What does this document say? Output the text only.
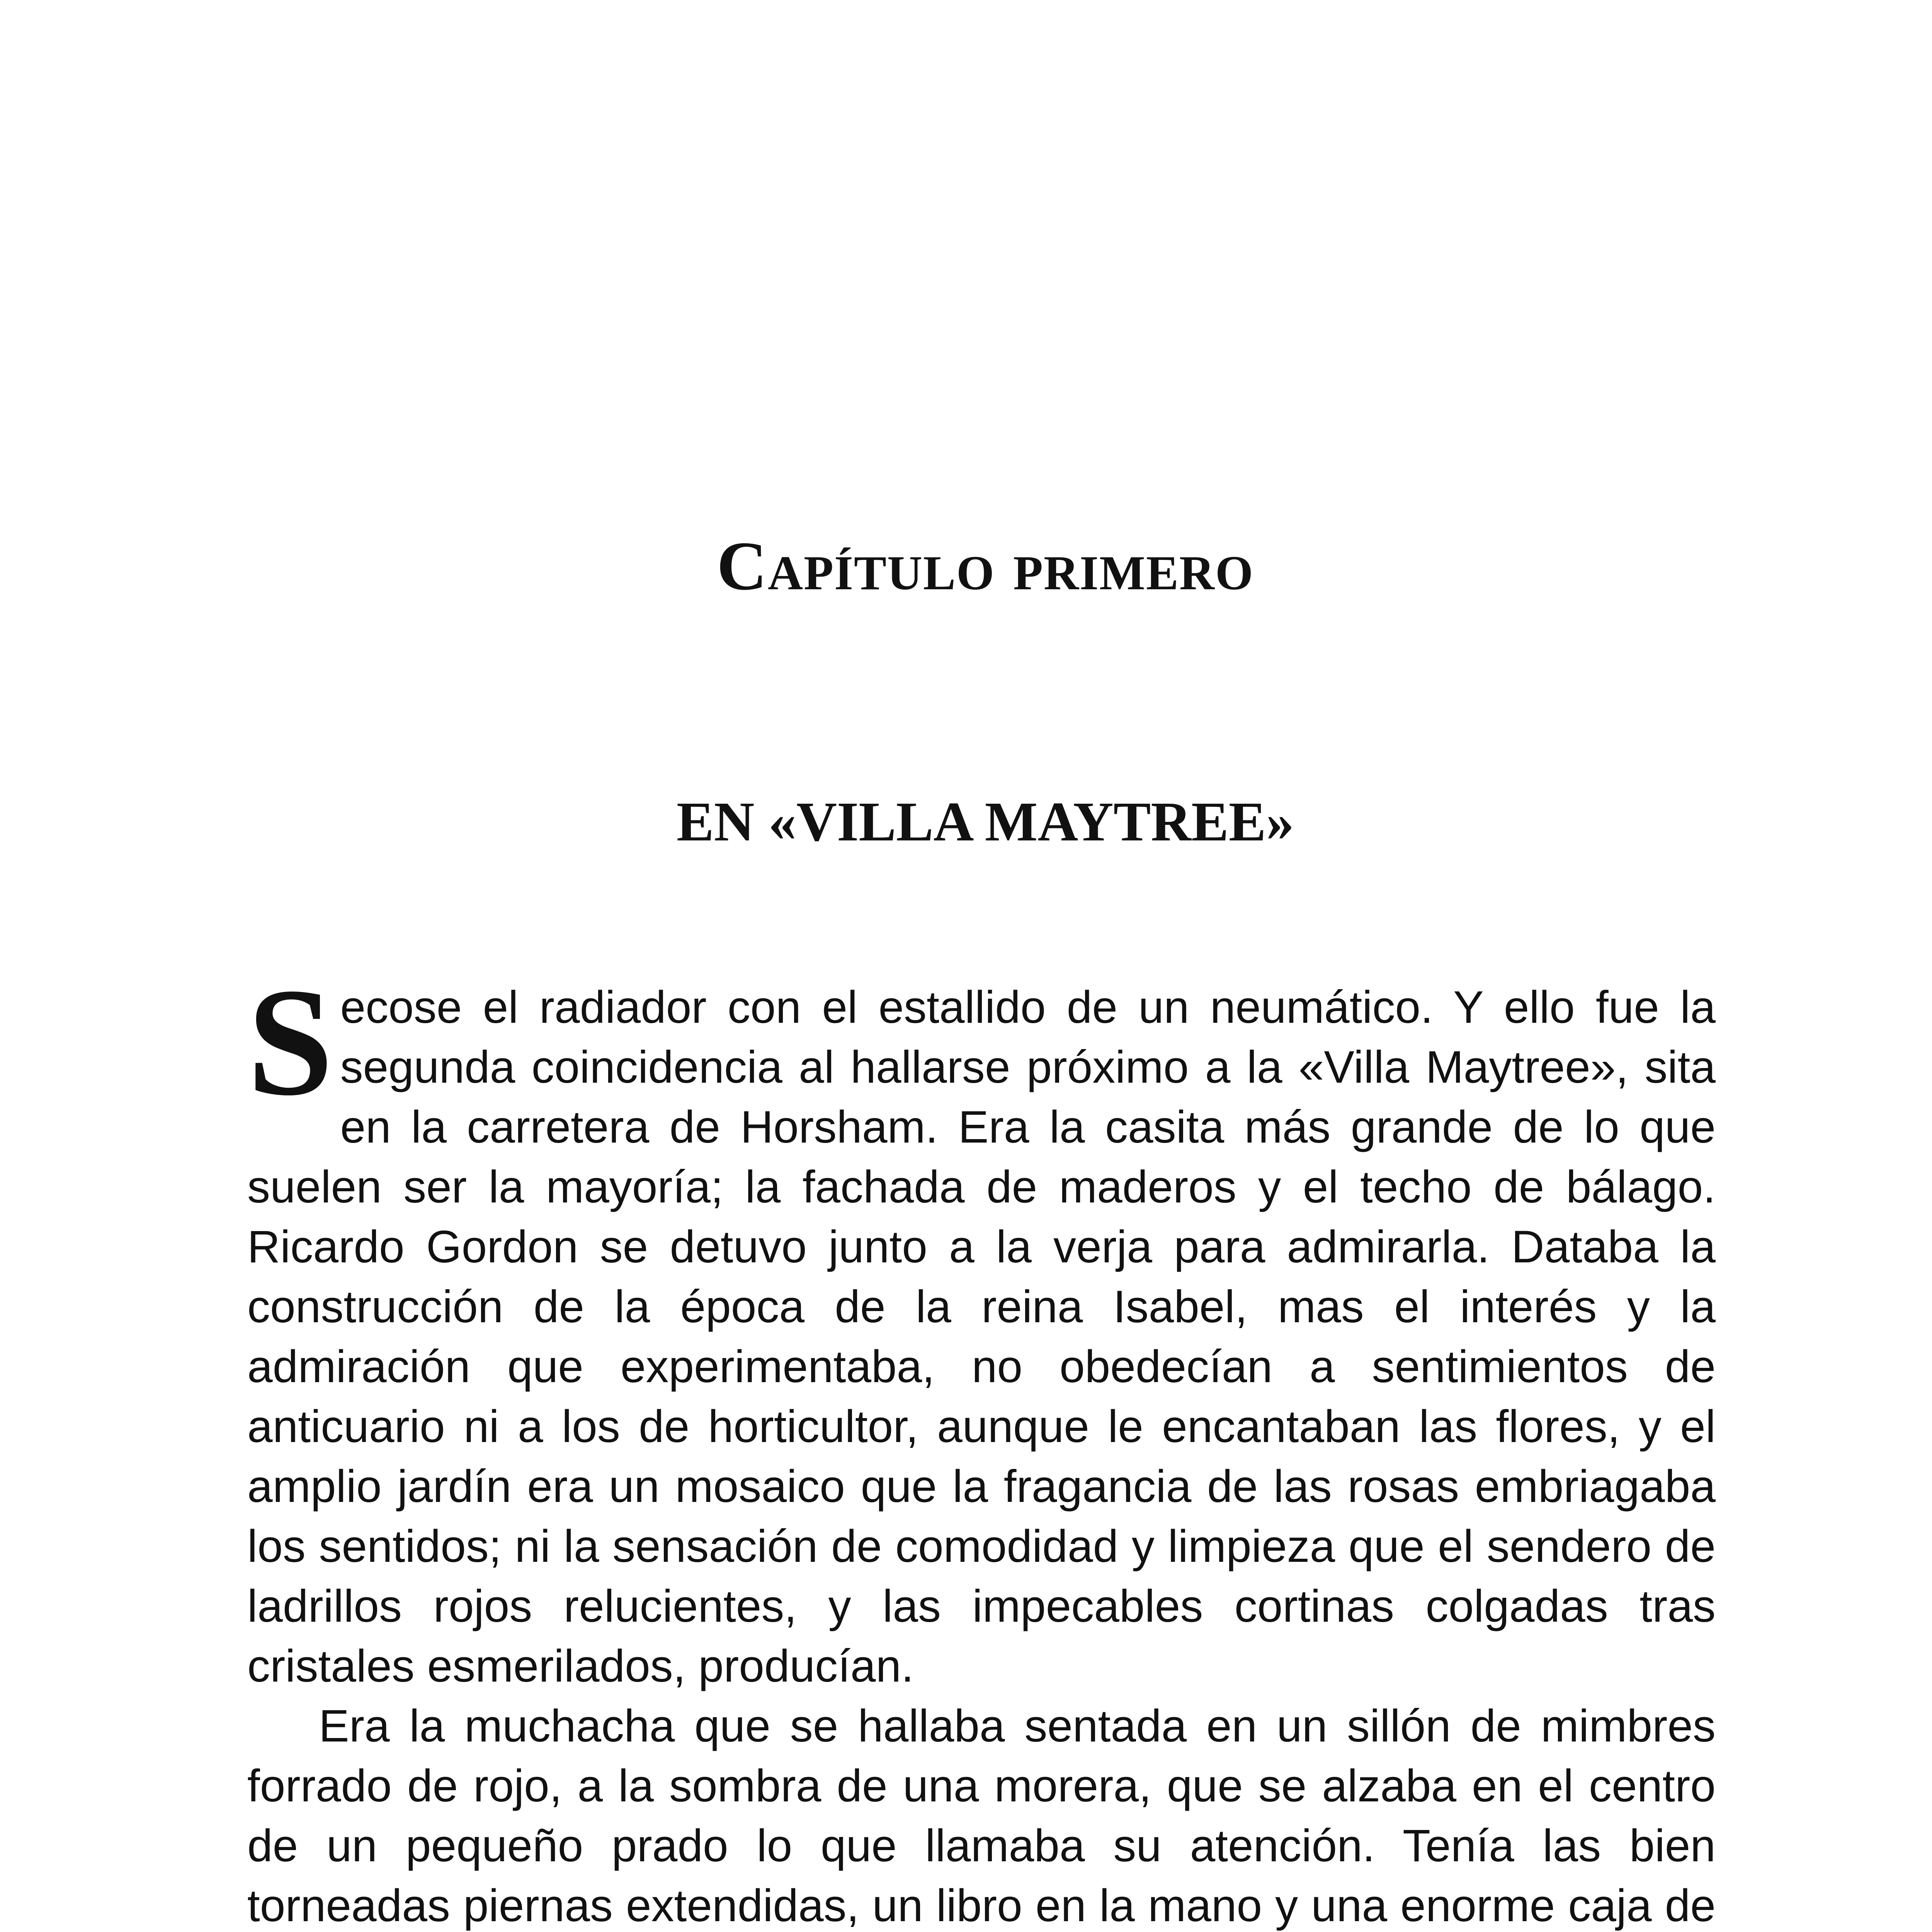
Capítulo primero
EN «VILLA MAYTREE»

Secose el radiador con el estallido de un neumático. Y ello fue la segunda coincidencia al hallarse próximo a la «Villa Maytree», sita en la carretera de Horsham. Era la casita más grande de lo que suelen ser la mayoría; la fachada de maderos y el techo de bálago. Ricardo Gordon se detuvo junto a la verja para admirarla. Databa la construcción de la época de la reina Isabel, mas el interés y la admiración que experimentaba, no obedecían a sentimientos de anticuario ni a los de horticultor, aunque le encantaban las flores, y el amplio jardín era un mosaico que la fragancia de las rosas embriagaba los sentidos; ni la sensación de comodidad y limpieza que el sendero de ladrillos rojos relucientes, y las impecables cortinas colgadas tras cristales esmerilados, producían.

Era la muchacha que se hallaba sentada en un sillón de mimbres forrado de rojo, a la sombra de una morera, que se alzaba en el centro de un pequeño prado lo que llamaba su atención. Tenía las bien torneadas piernas extendidas, un libro en la mano y una enorme caja de
